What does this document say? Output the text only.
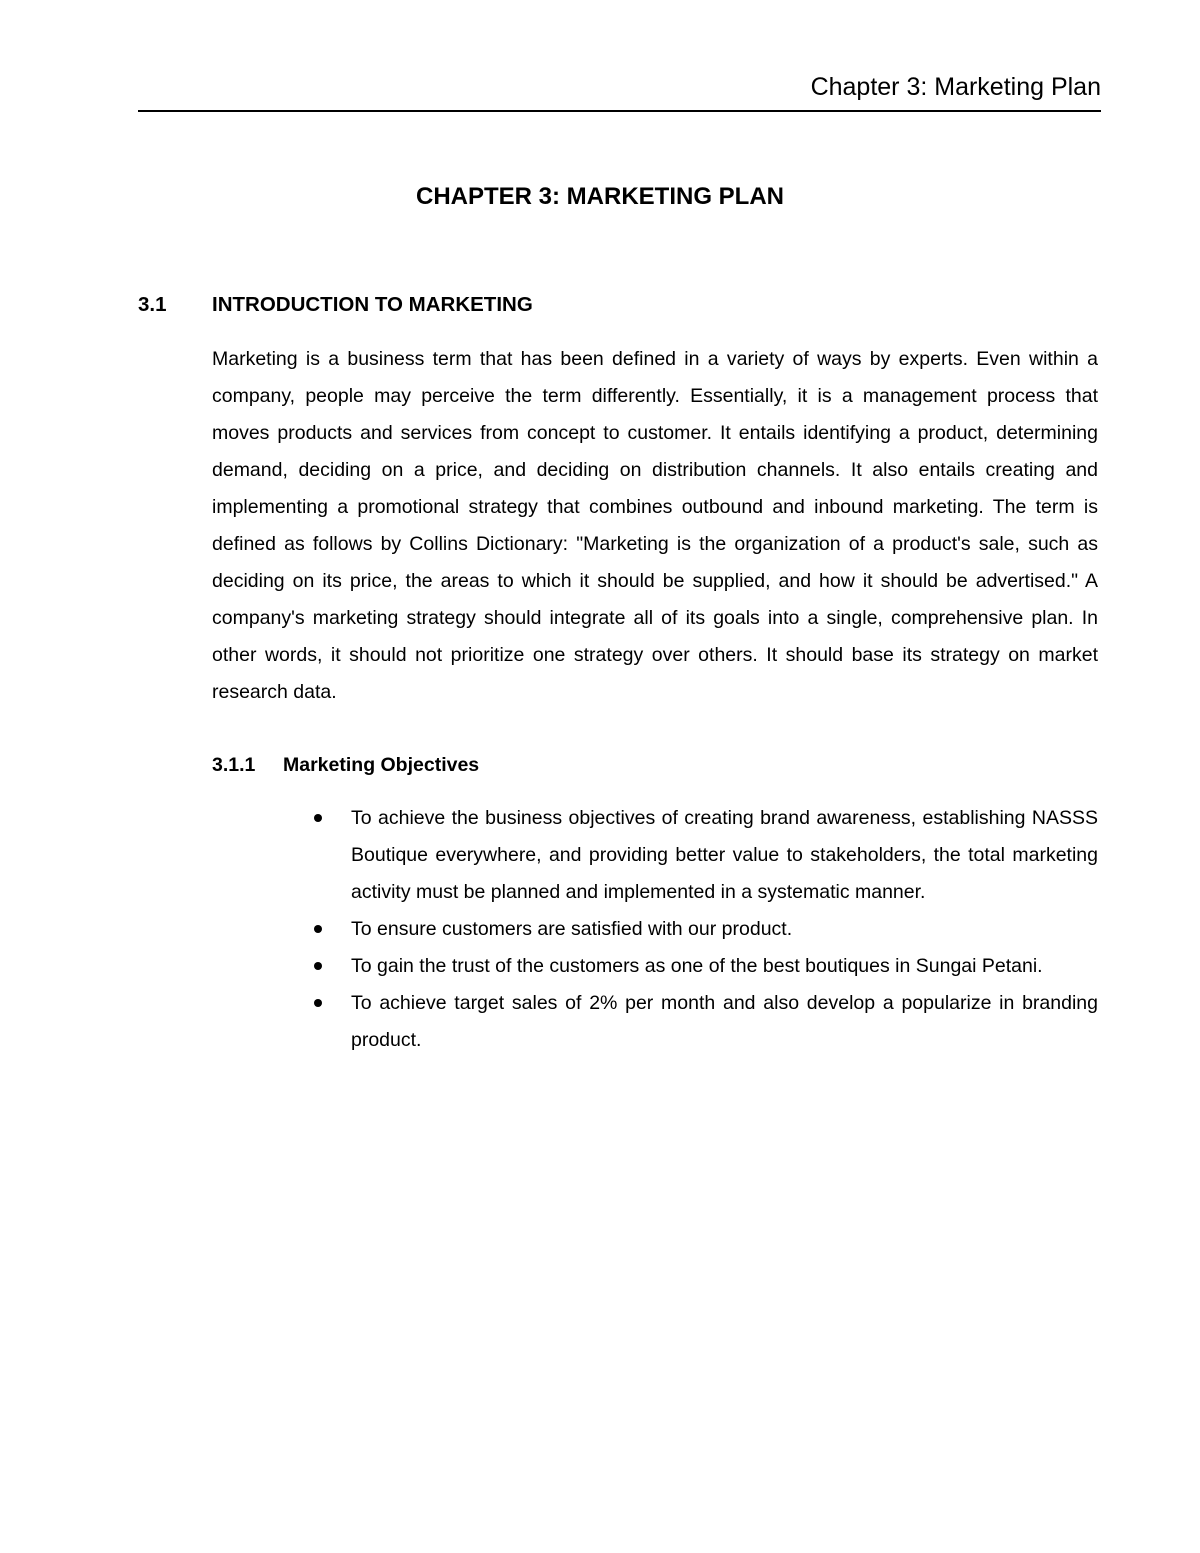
Chapter 3: Marketing Plan
CHAPTER 3: MARKETING PLAN
3.1 INTRODUCTION TO MARKETING

Marketing is a business term that has been defined in a variety of ways by experts. Even within a company, people may perceive the term differently. Essentially, it is a management process that moves products and services from concept to customer. It entails identifying a product, determining demand, deciding on a price, and deciding on distribution channels. It also entails creating and implementing a promotional strategy that combines outbound and inbound marketing. The term is defined as follows by Collins Dictionary: "Marketing is the organization of a product's sale, such as deciding on its price, the areas to which it should be supplied, and how it should be advertised." A company's marketing strategy should integrate all of its goals into a single, comprehensive plan. In other words, it should not prioritize one strategy over others. It should base its strategy on market research data.

3.1.1 Marketing Objectives
To achieve the business objectives of creating brand awareness, establishing NASSS Boutique everywhere, and providing better value to stakeholders, the total marketing activity must be planned and implemented in a systematic manner.
To ensure customers are satisfied with our product.
To gain the trust of the customers as one of the best boutiques in Sungai Petani.
To achieve target sales of 2% per month and also develop a popularize in branding product.
